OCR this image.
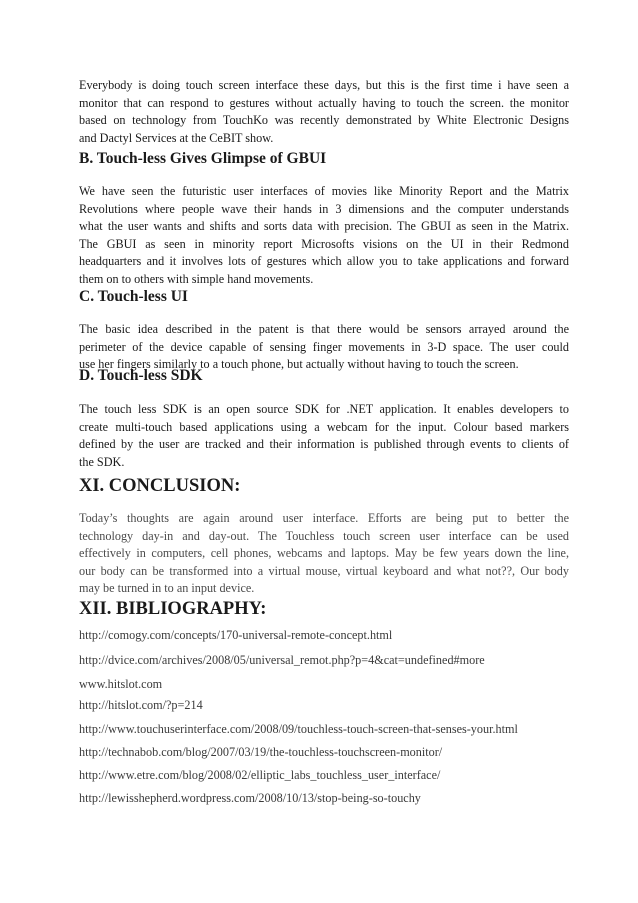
Everybody is doing touch screen interface these days, but this is the first time i have seen a
monitor that can respond to gestures without actually having to touch the screen. the monitor
based on technology from TouchKo was recently demonstrated by White Electronic Designs
and Dactyl Services at the CeBIT show.

B. Touch-less Gives Glimpse of GBUI

We have seen the futuristic user interfaces of movies like Minority Report and the Matrix
Revolutions where people wave their hands in 3 dimensions and the computer understands
what the user wants and shifts and sorts data with precision. The GBUI as seen in the Matrix.
The GBUI as seen in minority report Microsofts visions on the UI in their Redmond
headquarters and it involves lots of gestures which allow you to take applications and forward
them on to others with simple hand movements.

C. Touch-less UI

The basic idea described in the patent is that there would be sensors arrayed around the
perimeter of the device capable of sensing finger movements in 3-D space. The user could
use her fingers similarly to a touch phone, but actually without having to touch the screen.

D. Touch-less SDK

The touch less SDK is an open source SDK for .NET application. It enables developers to
create multi-touch based applications using a webcam for the input. Colour based markers
defined by the user are tracked and their information is published through events to clients of
the SDK.

XI. CONCLUSION:

Today’s thoughts are again around user interface. Efforts are being put to better the
technology day-in and day-out. The Touchless touch screen user interface can be used
effectively in computers, cell phones, webcams and laptops. May be few years down the line,
our body can be transformed into a virtual mouse, virtual keyboard and what not??, Our body
may be turned in to an input device.

XII. BIBLIOGRAPHY:
http://comogy.com/concepts/170-universal-remote-concept.html
http://dvice.com/archives/2008/05/universal_remot.php?p=4&cat=undefined#more
www.hitslot.com
http://hitslot.com/?p=214
http://www.touchuserinterface.com/2008/09/touchless-touch-screen-that-senses-your.html
http://technabob.com/blog/2007/03/19/the-touchless-touchscreen-monitor/
http://www.etre.com/blog/2008/02/elliptic_labs_touchless_user_interface/
http://lewisshepherd.wordpress.com/2008/10/13/stop-being-so-touchy
